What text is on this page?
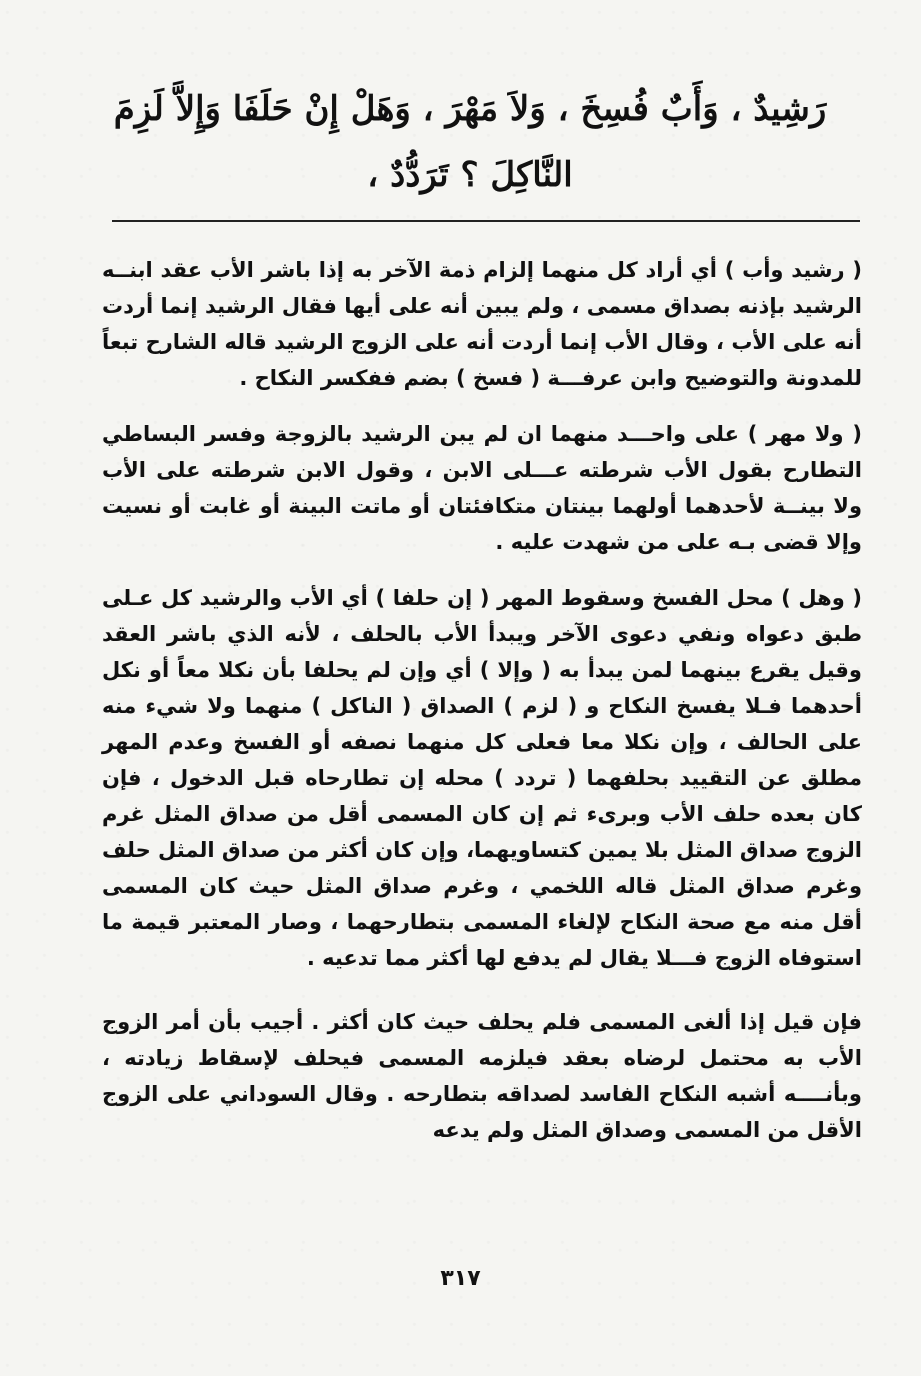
رَشِيدٌ ، وَأَبٌ فُسِخَ ، وَلاَ مَهْرَ ، وَهَلْ إِنْ حَلَفَا وَإِلاَّ لَزِمَ
النَّاكِلَ ؟ تَرَدُّدٌ ،

( رشيد وأب ) أي أراد كل منهما إلزام ذمة الآخر به إذا باشر الأب عقد ابنــه الرشيد بإذنه بصداق مسمى ، ولم يبين أنه على أيها فقال الرشيد إنما أردت أنه على الأب ، وقال الأب إنما أردت أنه على الزوج الرشيد قاله الشارح تبعاً للمدونة والتوضيح وابن عرفـــة ( فسخ ) بضم ففكسر النكاح .

( ولا مهر ) على واحـــد منهما ان لم يبن الرشيد بالزوجة وفسر البساطي التطارح بقول الأب شرطته عـــلى الابن ، وقول الابن شرطته على الأب ولا بينــة لأحدهما أولهما بينتان متكافئتان أو ماتت البينة أو غابت أو نسيت وإلا قضى بـه على من شهدت عليه .

( وهل ) محل الفسخ وسقوط المهر ( إن حلفا ) أي الأب والرشيد كل عـلى طبق دعواه ونفي دعوى الآخر ويبدأ الأب بالحلف ، لأنه الذي باشر العقد وقيل يقرع بينهما لمن يبدأ به ( وإلا ) أي وإن لم يحلفا بأن نكلا معاً أو نكل أحدهما فـلا يفسخ النكاح و ( لزم ) الصداق ( الناكل ) منهما ولا شيء منه على الحالف ، وإن نكلا معا فعلى كل منهما نصفه أو الفسخ وعدم المهر مطلق عن التقييد بحلفهما ( تردد ) محله إن تطارحاه قبل الدخول ، فإن كان بعده حلف الأب وبرىء ثم إن كان المسمى أقل من صداق المثل غرم الزوج صداق المثل بلا يمين كتساويهما، وإن كان أكثر من صداق المثل حلف وغرم صداق المثل قاله اللخمي ، وغرم صداق المثل حيث كان المسمى أقل منه مع صحة النكاح لإلغاء المسمى بتطارحهما ، وصار المعتبر قيمة ما استوفاه الزوج فـــلا يقال لم يدفع لها أكثر مما تدعيه .

فإن قيل إذا ألغى المسمى فلم يحلف حيث كان أكثر . أجيب بأن أمر الزوج الأب به محتمل لرضاه بعقد فيلزمه المسمى فيحلف لإسقاط زيادته ، وبأنــــه أشبه النكاح الفاسد لصداقه بتطارحه . وقال السوداني على الزوج الأقل من المسمى وصداق المثل ولم يدعه

٣١٧
